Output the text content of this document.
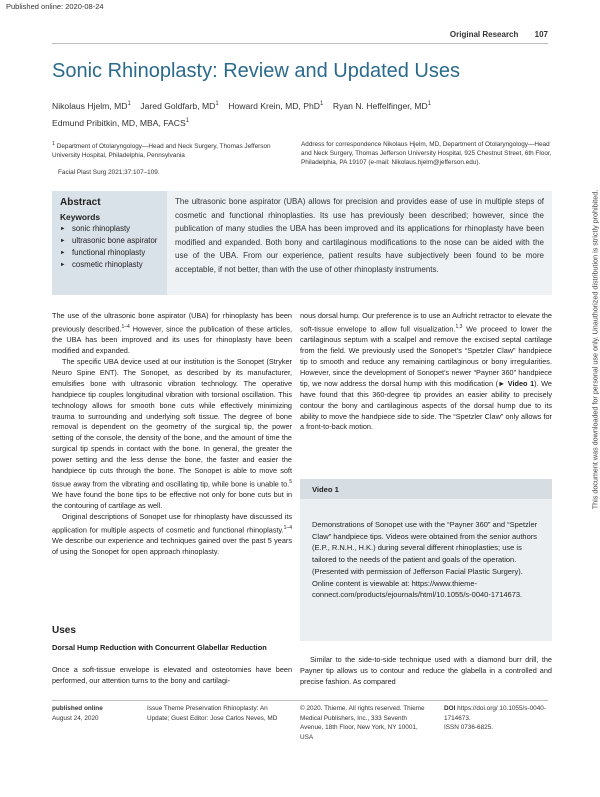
Published online: 2020-08-24
This document was downloaded for personal use only. Unauthorized distribution is strictly prohibited.
Original Research 107
Sonic Rhinoplasty: Review and Updated Uses
Nikolaus Hjelm, $MD^1$ Jared Goldfarb, $MD^1$ Howard Krein, MD, PhD$^1$ Ryan N. Heffelfinger, $MD^1$
Edmund Pribitkin, MD, MBA, FACS$^1$
$^1$ Department of Otolaryngology—Head and Neck Surgery, Thomas Jefferson University Hospital, Philadelphia, Pennsylvania
Facial Plast Surg 2021;37:107–109.
Address for correspondence Nikolaus Hjelm, MD, Department of Otolaryngology—Head and Neck Surgery, Thomas Jefferson University Hospital, 925 Chestnut Street, 6th Floor, Philadelphia, PA 19107 (e-mail: Nikolaus.hjelm@jefferson.edu).
Abstract
Keywords
► sonic rhinoplasty
► ultrasonic bone aspirator
► functional rhinoplasty
► cosmetic rhinoplasty
The ultrasonic bone aspirator (UBA) allows for precision and provides ease of use in multiple steps of cosmetic and functional rhinoplasties. Its use has previously been described; however, since the publication of many studies the UBA has been improved and its applications for rhinoplasty have been modified and expanded. Both bony and cartilaginous modifications to the nose can be aided with the use of the UBA. From our experience, patient results have subjectively been found to be more acceptable, if not better, than with the use of other rhinoplasty instruments.

The use of the ultrasonic bone aspirator (UBA) for rhinoplasty has been previously described.$^{1-4}$ However, since the publication of these articles, the UBA has been improved and its uses for rhinoplasty have been modified and expanded.

The specific UBA device used at our institution is the Sonopet (Stryker Neuro Spine ENT). The Sonopet, as described by its manufacturer, emulsifies bone with ultrasonic vibration technology. The operative handpiece tip couples longitudinal vibration with torsional oscillation. This technology allows for smooth bone cuts while effectively minimizing trauma to surrounding and underlying soft tissue. The degree of bone removal is dependent on the geometry of the surgical tip, the power setting of the console, the density of the bone, and the amount of time the surgical tip spends in contact with the bone. In general, the greater the power setting and the less dense the bone, the faster and easier the handpiece tip cuts through the bone. The Sonopet is able to move soft tissue away from the vibrating and oscillating tip, while bone is unable to.$^5$ We have found the bone tips to be effective not only for bone cuts but in the contouring of cartilage as well.

Original descriptions of Sonopet use for rhinoplasty have discussed its application for multiple aspects of cosmetic and functional rhinoplasty.$^{1-4}$ We describe our experience and techniques gained over the past 5 years of using the Sonopet for open approach rhinoplasty.

Uses
Dorsal Hump Reduction with Concurrent Glabellar Reduction

Once a soft-tissue envelope is elevated and osteotomies have been performed, our attention turns to the bony and cartilagi-

nous dorsal hump. Our preference is to use an Aufricht retractor to elevate the soft-tissue envelope to allow full visualization.$^{1,3}$ We proceed to lower the cartilaginous septum with a scalpel and remove the excised septal cartilage from the field. We previously used the Sonopet’s “Spetzler Claw” handpiece tip to smooth and reduce any remaining cartilaginous or bony irregularities. However, since the development of Sonopet’s newer “Payner 360” handpiece tip, we now address the dorsal hump with this modification (► Video 1). We have found that this 360-degree tip provides an easier ability to precisely contour the bony and cartilaginous aspects of the dorsal hump due to its ability to move the handpiece side to side. The “Spetzler Claw” only allows for a front-to-back motion.

Video 1
Demonstrations of Sonopet use with the “Payner 360” and “Spetzler Claw” handpiece tips. Videos were obtained from the senior authors (E.P., R.N.H., H.K.) during several different rhinoplasties; use is tailored to the needs of the patient and goals of the operation. (Presented with permission of Jefferson Facial Plastic Surgery). Online content is viewable at: https://www.thieme-connect.com/products/ejournals/html/10.1055/s-0040-1714673.

Similar to the side-to-side technique used with a diamond burr drill, the Payner tip allows us to contour and reduce the glabella in a controlled and precise fashion. As compared

published online
August 24, 2020
Issue Theme Preservation Rhinoplasty: An Update; Guest Editor: Jose Carlos Neves, MD
© 2020. Thieme. All rights reserved. Thieme Medical Publishers, Inc., 333 Seventh Avenue, 18th Floor, New York, NY 10001, USA
DOI https://doi.org/ 10.1055/s-0040-1714673.
ISSN 0736-6825.
